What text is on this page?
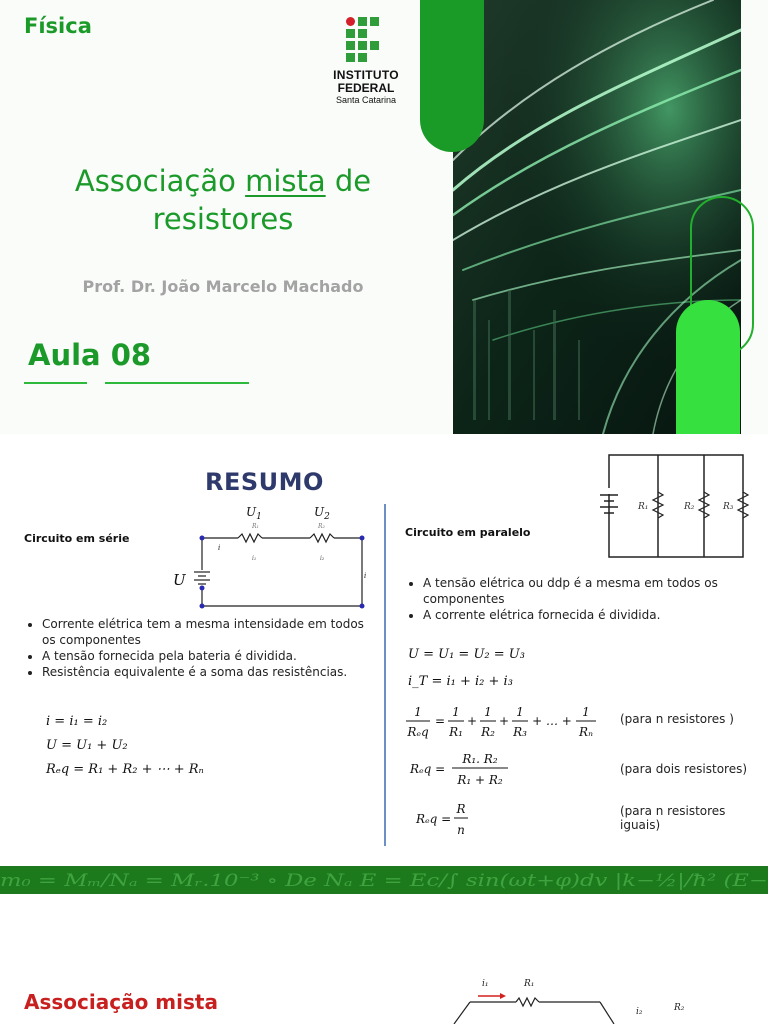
Física
INSTITUTO
FEDERAL
Santa Catarina
Associação mista de
resistores
Prof. Dr. João Marcelo Machado
Aula 08
RESUMO
Circuito em série
U
$U_1$	$U_2$
R₁	R₂
i
i₁	i₂
i
• Corrente elétrica tem a mesma intensidade em todos os componentes
• A tensão fornecida pela bateria é dividida.
• Resistência equivalente é a soma das resistências.
i = i₁ = i₂
U = U₁ + U₂
Rₑq = R₁ + R₂ + ⋯ + Rₙ
R₁	R₂	R₃
Circuito em paralelo
• A tensão elétrica ou ddp é a mesma em todos os componentes
• A corrente elétrica fornecida é dividida.
U = U₁ = U₂ = U₃
i_T = i₁ + i₂ + i₃
1
Rₑq
=
1
R₁
+
1
R₂
+
1
R₃
+ … +
1
Rₙ
(para n resistores )
Rₑq =
R₁. R₂
R₁ + R₂
(para dois resistores)
Rₑq =
R
n
(para n resistores iguais)
m₀ = Mₘ/Nₐ = Mᵣ.10⁻³ ∘ De Nₐ E = Ec/∫ sin(ωt+φ)dv |k−½|/ħ² (E−
Associação mista
i₁	R₁
i₂	R₂
